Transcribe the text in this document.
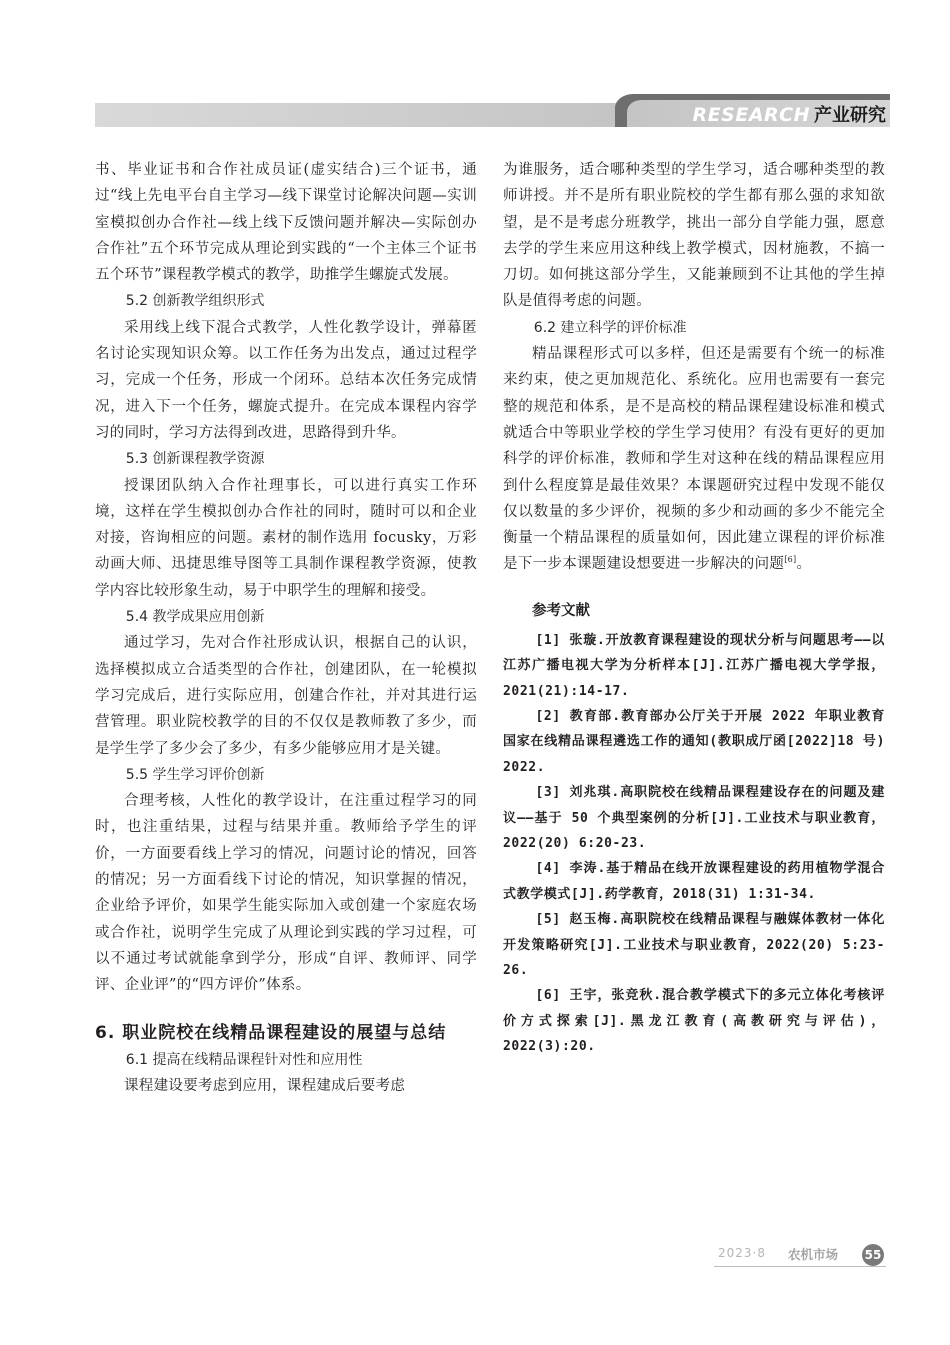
RESEARCH 产业研究

书、毕业证书和合作社成员证(虚实结合)三个证书，通过“线上先电平台自主学习—线下课堂讨论解决问题—实训室模拟创办合作社—线上线下反馈问题并解决—实际创办合作社”五个环节完成从理论到实践的“一个主体三个证书五个环节”课程教学模式的教学，助推学生螺旋式发展。

5.2 创新教学组织形式

采用线上线下混合式教学，人性化教学设计，弹幕匿名讨论实现知识众筹。以工作任务为出发点，通过过程学习，完成一个任务，形成一个闭环。总结本次任务完成情况，进入下一个任务，螺旋式提升。在完成本课程内容学习的同时，学习方法得到改进，思路得到升华。

5.3 创新课程教学资源

授课团队纳入合作社理事长，可以进行真实工作环境，这样在学生模拟创办合作社的同时，随时可以和企业对接，咨询相应的问题。素材的制作选用 focusky，万彩动画大师、迅捷思维导图等工具制作课程教学资源，使教学内容比较形象生动，易于中职学生的理解和接受。

5.4 教学成果应用创新

通过学习，先对合作社形成认识，根据自己的认识，选择模拟成立合适类型的合作社，创建团队，在一轮模拟学习完成后，进行实际应用，创建合作社，并对其进行运营管理。职业院校教学的目的不仅仅是教师教了多少，而是学生学了多少会了多少，有多少能够应用才是关键。

5.5 学生学习评价创新

合理考核，人性化的教学设计，在注重过程学习的同时，也注重结果，过程与结果并重。教师给予学生的评价，一方面要看线上学习的情况，问题讨论的情况，回答的情况；另一方面看线下讨论的情况，知识掌握的情况，企业给予评价，如果学生能实际加入或创建一个家庭农场或合作社，说明学生完成了从理论到实践的学习过程，可以不通过考试就能拿到学分，形成“自评、教师评、同学评、企业评”的“四方评价”体系。

6. 职业院校在线精品课程建设的展望与总结

6.1 提高在线精品课程针对性和应用性

课程建设要考虑到应用，课程建成后要考虑

为谁服务，适合哪种类型的学生学习，适合哪种类型的教师讲授。并不是所有职业院校的学生都有那么强的求知欲望，是不是考虑分班教学，挑出一部分自学能力强，愿意去学的学生来应用这种线上教学模式，因材施教，不搞一刀切。如何挑这部分学生，又能兼顾到不让其他的学生掉队是值得考虑的问题。

6.2 建立科学的评价标准

精品课程形式可以多样，但还是需要有个统一的标准来约束，使之更加规范化、系统化。应用也需要有一套完整的规范和体系，是不是高校的精品课程建设标准和模式就适合中等职业学校的学生学习使用？有没有更好的更加科学的评价标准，教师和学生对这种在线的精品课程应用到什么程度算是最佳效果？本课题研究过程中发现不能仅仅以数量的多少评价，视频的多少和动画的多少不能完全衡量一个精品课程的质量如何，因此建立课程的评价标准是下一步本课题建设想要进一步解决的问题[6]。

参考文献

[1] 张璇.开放教育课程建设的现状分析与问题思考——以江苏广播电视大学为分析样本[J].江苏广播电视大学学报，2021(21):14-17.

[2] 教育部.教育部办公厅关于开展 2022 年职业教育国家在线精品课程遴选工作的通知(教职成厅函[2022]18 号) 2022.

[3] 刘兆琪.高职院校在线精品课程建设存在的问题及建议——基于 50 个典型案例的分析[J].工业技术与职业教育，2022(20) 6:20-23.

[4] 李涛.基于精品在线开放课程建设的药用植物学混合式教学模式[J].药学教育，2018(31) 1:31-34.

[5] 赵玉梅.高职院校在线精品课程与融媒体教材一体化开发策略研究[J].工业技术与职业教育，2022(20) 5:23-26.

[6] 王宇，张竞秋.混合教学模式下的多元立体化考核评价方式探索[J].黑龙江教育(高教研究与评估)，2022(3):20.

2023·8 农机市场 55
